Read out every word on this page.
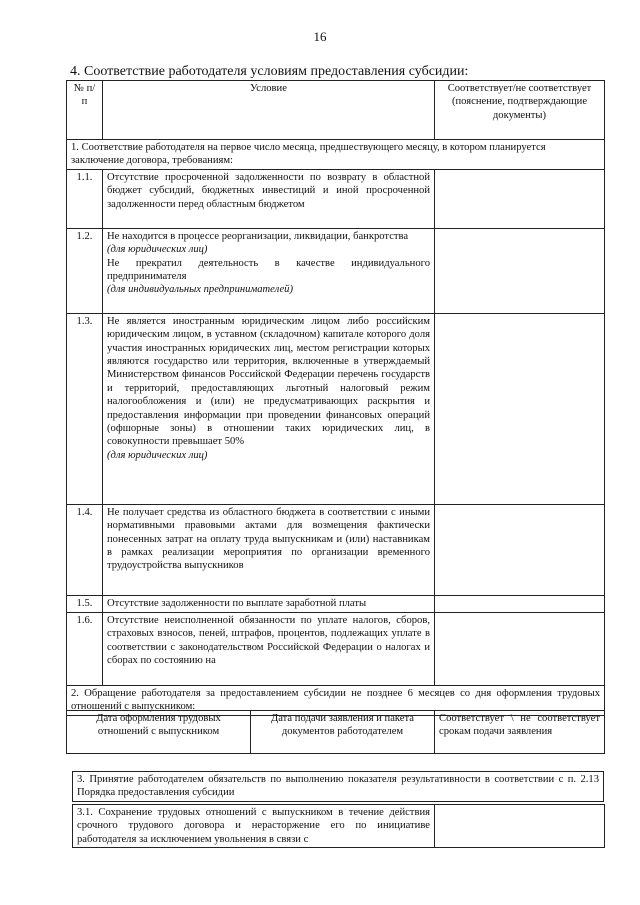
16
4. Соответствие работодателя условиям предоставления субсидии:
№ п/п	Условие	Соответствует/не соответствует (пояснение, подтверждающие документы)
1. Соответствие работодателя на первое число месяца, предшествующего месяцу, в котором планируется заключение договора, требованиям:		
1.1.	Отсутствие просроченной задолженности по возврату в областной бюджет субсидий, бюджетных инвестиций и иной просроченной задолженности перед областным бюджетом	
1.2.	Не находится в процессе реорганизации, ликвидации, банкротства
(для юридических лиц)
Не прекратил деятельность в качестве индивидуального предпринимателя
(для индивидуальных предпринимателей)	

1.3.	Не является иностранным юридическим лицом либо российским юридическим лицом, в уставном (складочном) капитале которого доля участия иностранных юридических лиц, местом регистрации которых являются государство или территория, включенные в утверждаемый Министерством финансов Российской Федерации перечень государств и территорий, предоставляющих льготный налоговый режим налогообложения и (или) не предусматривающих раскрытия и предоставления информации при проведении финансовых операций (офшорные зоны) в отношении таких юридических лиц, в совокупности превышает 50%
(для юридических лиц)	

1.4.	Не получает средства из областного бюджета в соответствии с иными нормативными правовыми актами для возмещения фактически понесенных затрат на оплату труда выпускникам и (или) наставникам в рамках реализации мероприятия по организации временного трудоустройства выпускников	
1.5.	Отсутствие задолженности по выплате заработной платы	
1.6.	Отсутствие неисполненной обязанности по уплате налогов, сборов, страховых взносов, пеней, штрафов, процентов, подлежащих уплате в соответствии с законодательством Российской Федерации о налогах и сборах по состоянию на	
2. Обращение работодателя за предоставлением субсидии не позднее 6 месяцев со дня оформления трудовых отношений с выпускником:		
Дата оформления трудовых отношений с выпускником	Дата подачи заявления и пакета документов работодателем	Соответствует \ не соответствует срокам подачи заявления
3. Принятие работодателем обязательств по выполнению показателя результативности в соответствии с п. 2.13 Порядка предоставления субсидии
3.1. Сохранение трудовых отношений с выпускником в течение действия срочного трудового договора и нерасторжение его по инициативе работодателя за исключением увольнения в связи с	
